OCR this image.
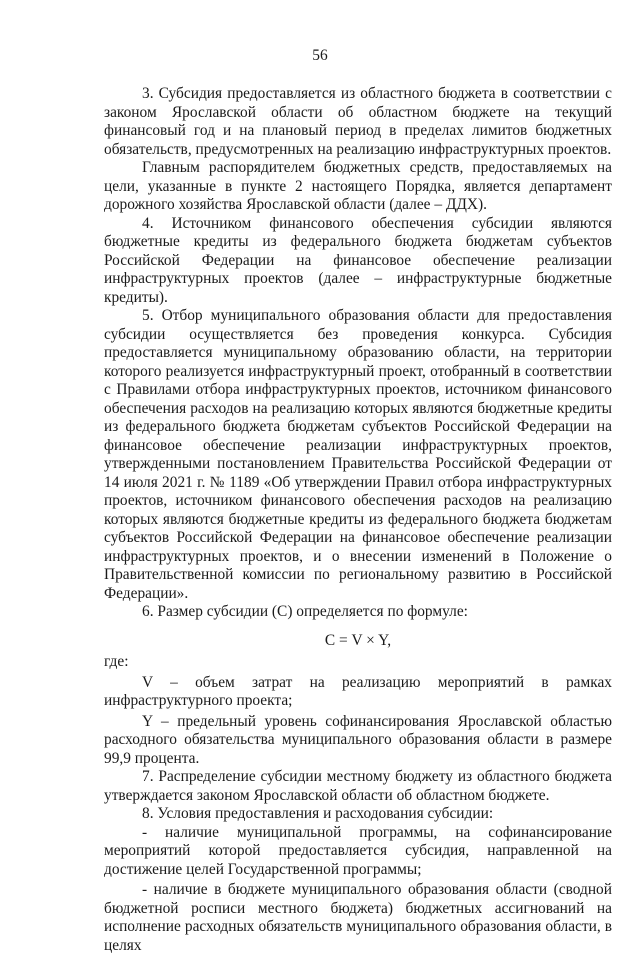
56

3. Субсидия предоставляется из областного бюджета в соответствии с законом Ярославской области об областном бюджете на текущий финансовый год и на плановый период в пределах лимитов бюджетных обязательств, предусмотренных на реализацию инфраструктурных проектов.

Главным распорядителем бюджетных средств, предоставляемых на цели, указанные в пункте 2 настоящего Порядка, является департамент дорожного хозяйства Ярославской области (далее – ДДХ).

4. Источником финансового обеспечения субсидии являются бюджетные кредиты из федерального бюджета бюджетам субъектов Российской Федерации на финансовое обеспечение реализации инфраструктурных проектов (далее – инфраструктурные бюджетные кредиты).

5. Отбор муниципального образования области для предоставления субсидии осуществляется без проведения конкурса. Субсидия предоставляется муниципальному образованию области, на территории которого реализуется инфраструктурный проект, отобранный в соответствии с Правилами отбора инфраструктурных проектов, источником финансового обеспечения расходов на реализацию которых являются бюджетные кредиты из федерального бюджета бюджетам субъектов Российской Федерации на финансовое обеспечение реализации инфраструктурных проектов, утвержденными постановлением Правительства Российской Федерации от 14 июля 2021 г. № 1189 «Об утверждении Правил отбора инфраструктурных проектов, источником финансового обеспечения расходов на реализацию которых являются бюджетные кредиты из федерального бюджета бюджетам субъектов Российской Федерации на финансовое обеспечение реализации инфраструктурных проектов, и о внесении изменений в Положение о Правительственной комиссии по региональному развитию в Российской Федерации».

6. Размер субсидии (С) определяется по формуле:

С = V × Y,

где:

V – объем затрат на реализацию мероприятий в рамках инфраструктурного проекта;

Y – предельный уровень софинансирования Ярославской областью расходного обязательства муниципального образования области в размере 99,9 процента.

7. Распределение субсидии местному бюджету из областного бюджета утверждается законом Ярославской области об областном бюджете.

8. Условия предоставления и расходования субсидии:

- наличие муниципальной программы, на софинансирование мероприятий которой предоставляется субсидия, направленной на достижение целей Государственной программы;

- наличие в бюджете муниципального образования области (сводной бюджетной росписи местного бюджета) бюджетных ассигнований на исполнение расходных обязательств муниципального образования области, в целях
